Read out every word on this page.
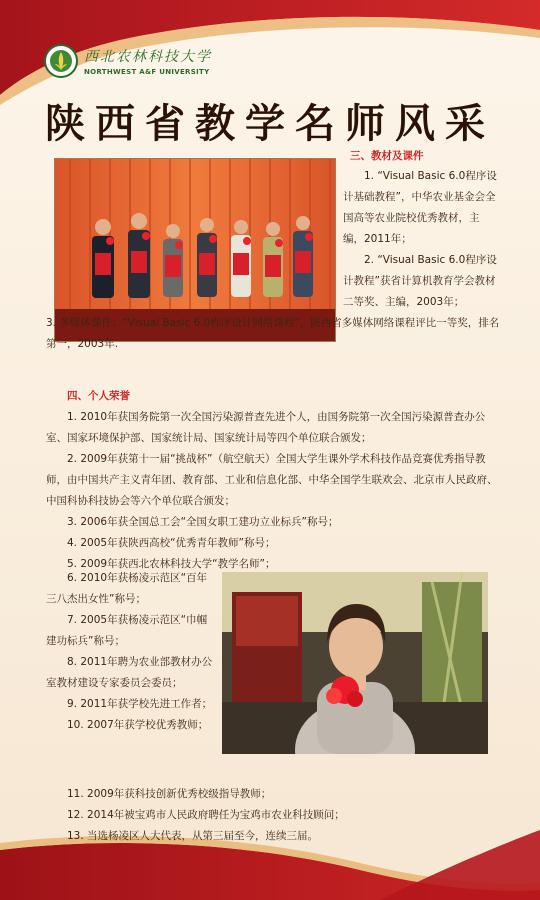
西北农林科技大学
NORTHWEST A&F UNIVERSITY
陕西省教学名师风采
三、教材及课件
1. “Visual Basic 6.0程序设计基础教程”，中华农业基金会全国高等农业院校优秀教材，主编，2011年；
2. “Visual Basic 6.0程序设计教程”获省计算机教育学会教材二等奖、主编，2003年；
3. 多媒体课件：“Visual Basic 6.0程序设计网络课程”，陕西省多媒体网络课程评比一等奖，排名第一，2003年.
四、个人荣誉

1. 2010年获国务院第一次全国污染源普查先进个人，由国务院第一次全国污染源普查办公室、国家环境保护部、国家统计局、国家统计局等四个单位联合颁发；

2. 2009年获第十一届“挑战杯”（航空航天）全国大学生课外学术科技作品竞赛优秀指导教师，由中国共产主义青年团、教育部、工业和信息化部、中华全国学生联欢会、北京市人民政府、中国科协科技协会等六个单位联合颁发；

3. 2006年获全国总工会“全国女职工建功立业标兵”称号；

4. 2005年获陕西高校“优秀青年教师”称号；

5. 2009年获西北农林科技大学“教学名师”；

6. 2010年获杨凌示范区“百年三八杰出女性”称号；

7. 2005年获杨凌示范区“巾帼建功标兵”称号；

8. 2011年聘为农业部教材办公室教材建设专家委员会委员；

9. 2011年获学校先进工作者；

10. 2007年获学校优秀教师；

11. 2009年获科技创新优秀校级指导教师；

12. 2014年被宝鸡市人民政府聘任为宝鸡市农业科技顾问；

13. 当选杨凌区人大代表，从第三届至今，连续三届。
